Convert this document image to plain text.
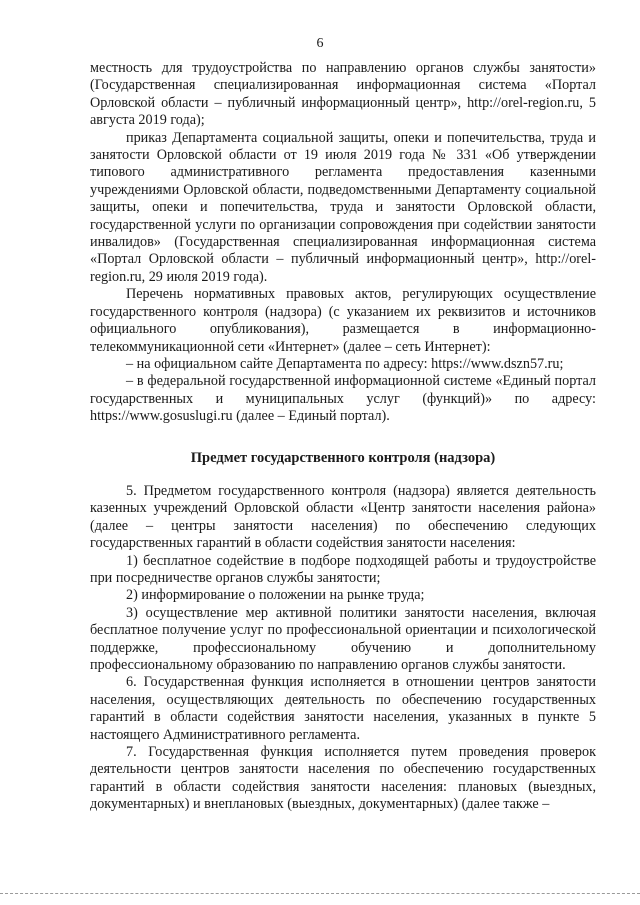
6

местность для трудоустройства по направлению органов службы занятости» (Государственная специализированная информационная система «Портал Орловской области – публичный информационный центр», http://orel-region.ru, 5 августа 2019 года);

приказ Департамента социальной защиты, опеки и попечительства, труда и занятости Орловской области от 19 июля 2019 года № 331 «Об утверждении типового административного регламента предоставления казенными учреждениями Орловской области, подведомственными Департаменту социальной защиты, опеки и попечительства, труда и занятости Орловской области, государственной услуги по организации сопровождения при содействии занятости инвалидов» (Государственная специализированная информационная система «Портал Орловской области – публичный информационный центр», http://orel-region.ru, 29 июля 2019 года).

Перечень нормативных правовых актов, регулирующих осуществление государственного контроля (надзора) (с указанием их реквизитов и источников официального опубликования), размещается в информационно-телекоммуникационной сети «Интернет» (далее – сеть Интернет):

– на официальном сайте Департамента по адресу: https://www.dszn57.ru;

– в федеральной государственной информационной системе «Единый портал государственных и муниципальных услуг (функций)» по адресу: https://www.gosuslugi.ru (далее – Единый портал).

Предмет государственного контроля (надзора)

5. Предметом государственного контроля (надзора) является деятельность казенных учреждений Орловской области «Центр занятости населения района» (далее – центры занятости населения) по обеспечению следующих государственных гарантий в области содействия занятости населения:

1) бесплатное содействие в подборе подходящей работы и трудоустройстве при посредничестве органов службы занятости;

2) информирование о положении на рынке труда;

3) осуществление мер активной политики занятости населения, включая бесплатное получение услуг по профессиональной ориентации и психологической поддержке, профессиональному обучению и дополнительному профессиональному образованию по направлению органов службы занятости.

6. Государственная функция исполняется в отношении центров занятости населения, осуществляющих деятельность по обеспечению государственных гарантий в области содействия занятости населения, указанных в пункте 5 настоящего Административного регламента.

7. Государственная функция исполняется путем проведения проверок деятельности центров занятости населения по обеспечению государственных гарантий в области содействия занятости населения: плановых (выездных, документарных) и внеплановых (выездных, документарных) (далее также –
